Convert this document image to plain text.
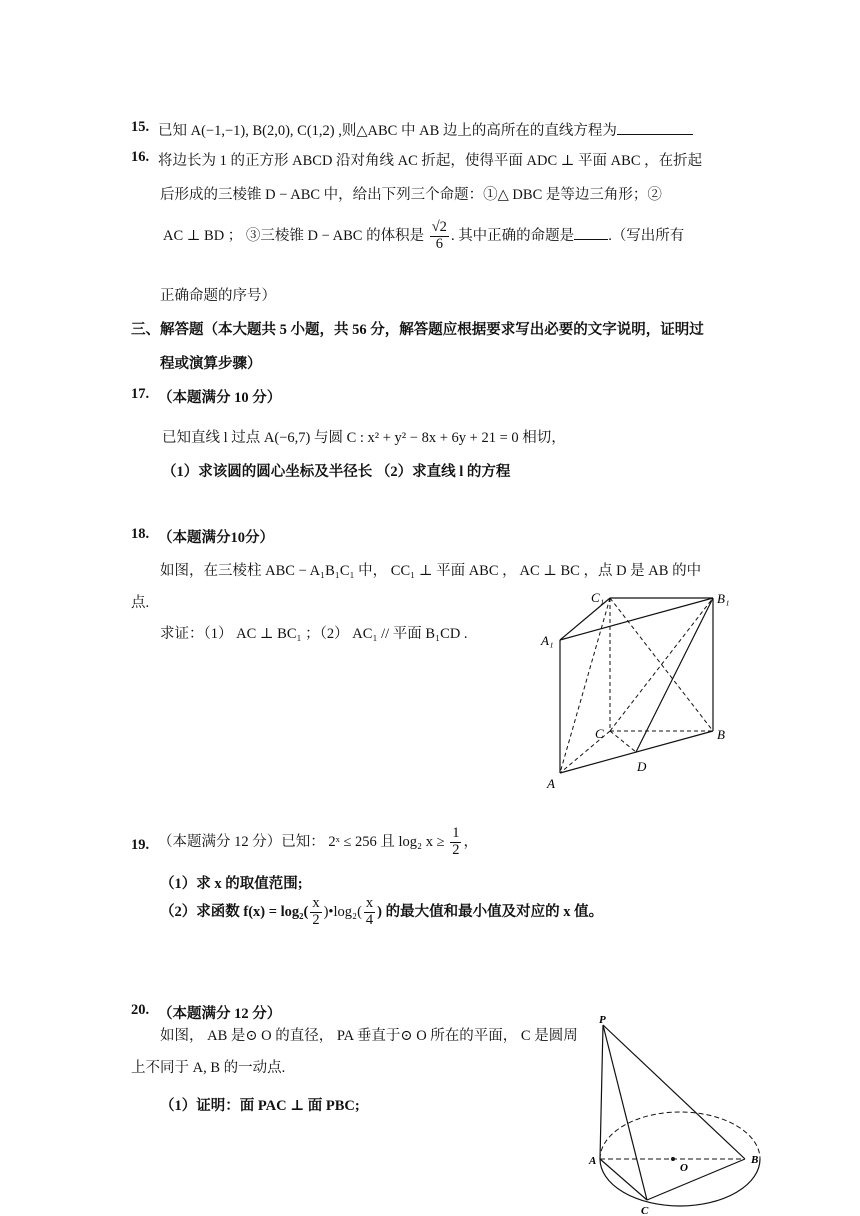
15. 已知 A(−1,−1), B(2,0), C(1,2) ,则△ABC 中 AB 边上的高所在的直线方程为
16. 将边长为 1 的正方形 ABCD 沿对角线 AC 折起，使得平面 ADC ⊥ 平面 ABC ，在折起
后形成的三棱锥 D − ABC 中，给出下列三个命题：①△ DBC 是等边三角形；②
AC ⊥ BD ； ③三棱锥 D − ABC 的体积是 $\frac{√2}{6}$ . 其中正确的命题是 .（写出所有
正确命题的序号）
三、解答题（本大题共 5 小题，共 56 分，解答题应根据要求写出必要的文字说明，证明过
程或演算步骤）
17. （本题满分 10 分）
已知直线 l 过点 A(−6,7) 与圆 C : x² + y² − 8x + 6y + 21 = 0 相切，
（1）求该圆的圆心坐标及半径长 （2）求直线 l 的方程
18. （本题满分10分）
如图，在三棱柱 ABC − A₁B₁C₁ 中， CC₁ ⊥ 平面 ABC ， AC ⊥ BC ，点 D 是 AB 的中
点.
求证：（1） AC ⊥ BC₁ ；（2） AC₁ // 平面 B₁CD .
C₁	B₁
A₁
C	B
D
A
19. （本题满分 12 分）已知： 2ˣ ≤ 256 且 log₂ $x \ge \frac{1}{2}$ ，
（1）求 x 的取值范围;
（2）求函数 $f(x) = \log_2( \frac{x}{2}$ )•log₂( $\frac{x}{4}$ ) 的最大值和最小值及对应的 x 值。
20. （本题满分 12 分）
如图， AB 是⊙ O 的直径， PA 垂直于⊙ O 所在的平面， C 是圆周
上不同于 A, B 的一动点.
（1）证明：面 PAC ⊥ 面 PBC;
P
A
O
B
C
